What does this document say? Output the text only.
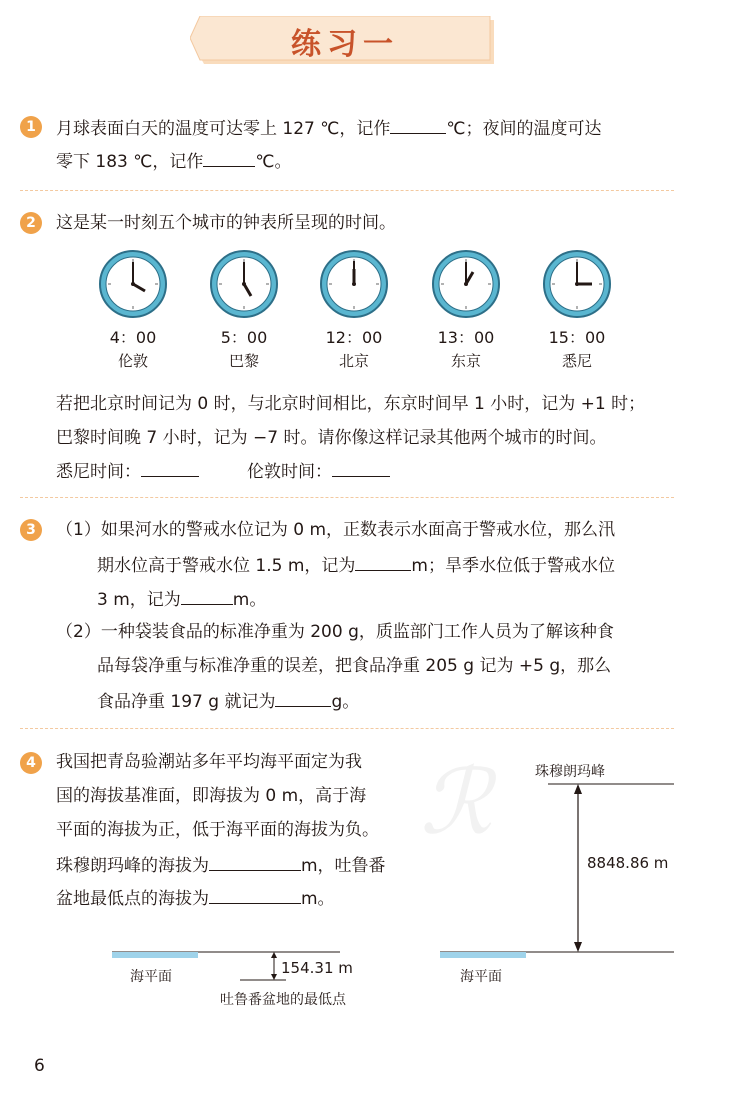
练习一
1	月球表面白天的温度可达零上 127 ℃，记作	℃；夜间的温度可达
零下 183 ℃，记作	℃。
2	这是某一时刻五个城市的钟表所呈现的时间。
4：00	5：00	12：00	13：00	15：00
伦敦	巴黎	北京	东京	悉尼
若把北京时间记为 0 时，与北京时间相比，东京时间早 1 小时，记为 +1 时；
巴黎时间晚 7 小时，记为 −7 时。请你像这样记录其他两个城市的时间。
悉尼时间：	伦敦时间：
3	（1）如果河水的警戒水位记为 0 m，正数表示水面高于警戒水位，那么汛
期水位高于警戒水位 1.5 m，记为	m；旱季水位低于警戒水位
3 m，记为	m。
（2）一种袋装食品的标准净重为 200 g，质监部门工作人员为了解该种食
品每袋净重与标准净重的误差，把食品净重 205 g 记为 +5 g，那么
食品净重 197 g 就记为	g。
ℛ
4	我国把青岛验潮站多年平均海平面定为我
国的海拔基准面，即海拔为 0 m，高于海
平面的海拔为正，低于海平面的海拔为负。
珠穆朗玛峰的海拔为	m，吐鲁番
盆地最低点的海拔为	m。
珠穆朗玛峰
8848.86 m
海平面
海平面	154.31 m
吐鲁番盆地的最低点
6
